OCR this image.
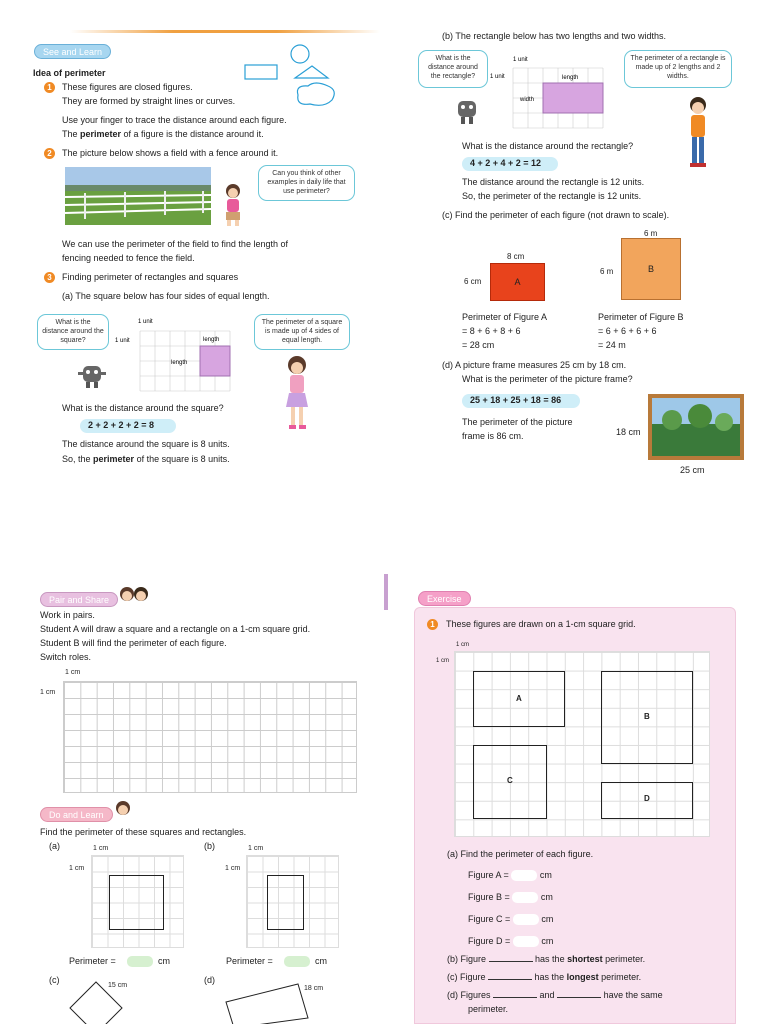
See and Learn
Idea of perimeter
1	These figures are closed figures.
They are formed by straight lines or curves.
Use your finger to trace the distance around each figure.
The perimeter of a figure is the distance around it.
2	The picture below shows a field with a fence around it.
Can you think of other examples in daily life that use perimeter?
We can use the perimeter of the field to find the length of
fencing needed to fence the field.
3	Finding perimeter of rectangles and squares
(a) The square below has four sides of equal length.
What is the distance around the square?
1 unit
1 unit	length
length
The perimeter of a square is made up of 4 sides of equal length.
What is the distance around the square?
2 + 2 + 2 + 2 = 8
The distance around the square is 8 units.
So, the perimeter of the square is 8 units.
(b) The rectangle below has two lengths and two widths.
What is the distance around the rectangle?
1 unit
1 unit	length
width
The perimeter of a rectangle is made up of 2 lengths and 2 widths.
What is the distance around the rectangle?
4 + 2 + 4 + 2 = 12
The distance around the rectangle is 12 units.
So, the perimeter of the rectangle is 12 units.
(c) Find the perimeter of each figure (not drawn to scale).
8 cm
6 cm	A
6 m
6 m	B
Perimeter of Figure A
= 8 + 6 + 8 + 6
= 28 cm
Perimeter of Figure B
= 6 + 6 + 6 + 6
= 24 m
(d) A picture frame measures 25 cm by 18 cm.
What is the perimeter of the picture frame?
25 + 18 + 25 + 18 = 86
The perimeter of the picture
frame is 86 cm.	18 cm
25 cm
Pair and Share
Work in pairs.
Student A will draw a square and a rectangle on a 1-cm square grid.
Student B will find the perimeter of each figure.
Switch roles.
1 cm
1 cm
Do and Learn
Find the perimeter of these squares and rectangles.
(a)	(b)
1 cm
1 cm
1 cm
1 cm
Perimeter =	cm	Perimeter =	cm
(c)	(d)
15 cm	18 cm
Exercise
1	These figures are drawn on a 1-cm square grid.
1 cm
1 cm
A
B
C
D
(a) Find the perimeter of each figure.
Figure A =	cm
Figure B =	cm
Figure C =	cm
Figure D =	cm
(b) Figure	has the shortest perimeter.
(c) Figure	has the longest perimeter.
(d) Figures	and	have the same
perimeter.
